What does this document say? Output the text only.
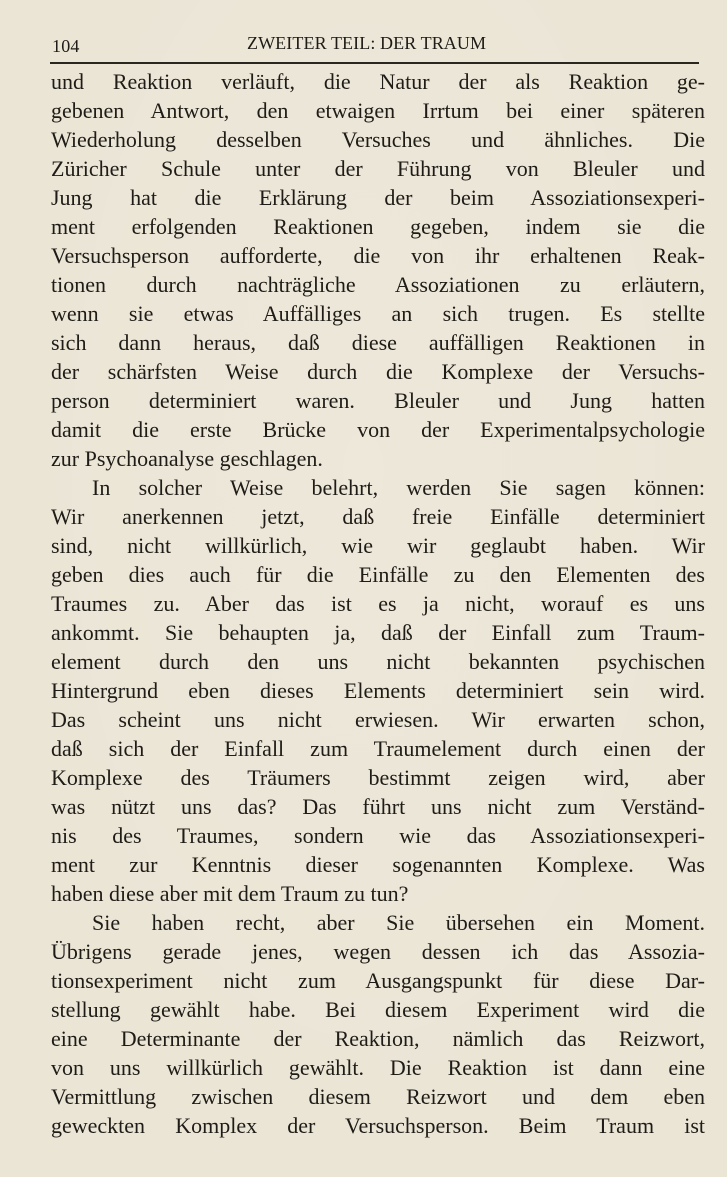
104	ZWEITER TEIL: DER TRAUM
und Reaktion verläuft, die Natur der als Reaktion ge-
gebenen Antwort, den etwaigen Irrtum bei einer späteren
Wiederholung desselben Versuches und ähnliches. Die
Züricher Schule unter der Führung von Bleuler und
Jung hat die Erklärung der beim Assoziationsexperi-
ment erfolgenden Reaktionen gegeben, indem sie die
Versuchsperson aufforderte, die von ihr erhaltenen Reak-
tionen durch nachträgliche Assoziationen zu erläutern,
wenn sie etwas Auffälliges an sich trugen. Es stellte
sich dann heraus, daß diese auffälligen Reaktionen in
der schärfsten Weise durch die Komplexe der Versuchs-
person determiniert waren. Bleuler und Jung hatten
damit die erste Brücke von der Experimentalpsychologie
zur Psychoanalyse geschlagen.
In solcher Weise belehrt, werden Sie sagen können:
Wir anerkennen jetzt, daß freie Einfälle determiniert
sind, nicht willkürlich, wie wir geglaubt haben. Wir
geben dies auch für die Einfälle zu den Elementen des
Traumes zu. Aber das ist es ja nicht, worauf es uns
ankommt. Sie behaupten ja, daß der Einfall zum Traum-
element durch den uns nicht bekannten psychischen
Hintergrund eben dieses Elements determiniert sein wird.
Das scheint uns nicht erwiesen. Wir erwarten schon,
daß sich der Einfall zum Traumelement durch einen der
Komplexe des Träumers bestimmt zeigen wird, aber
was nützt uns das? Das führt uns nicht zum Verständ-
nis des Traumes, sondern wie das Assoziationsexperi-
ment zur Kenntnis dieser sogenannten Komplexe. Was
haben diese aber mit dem Traum zu tun?
Sie haben recht, aber Sie übersehen ein Moment.
Übrigens gerade jenes, wegen dessen ich das Assozia-
tionsexperiment nicht zum Ausgangspunkt für diese Dar-
stellung gewählt habe. Bei diesem Experiment wird die
eine Determinante der Reaktion, nämlich das Reizwort,
von uns willkürlich gewählt. Die Reaktion ist dann eine
Vermittlung zwischen diesem Reizwort und dem eben
geweckten Komplex der Versuchsperson. Beim Traum ist
